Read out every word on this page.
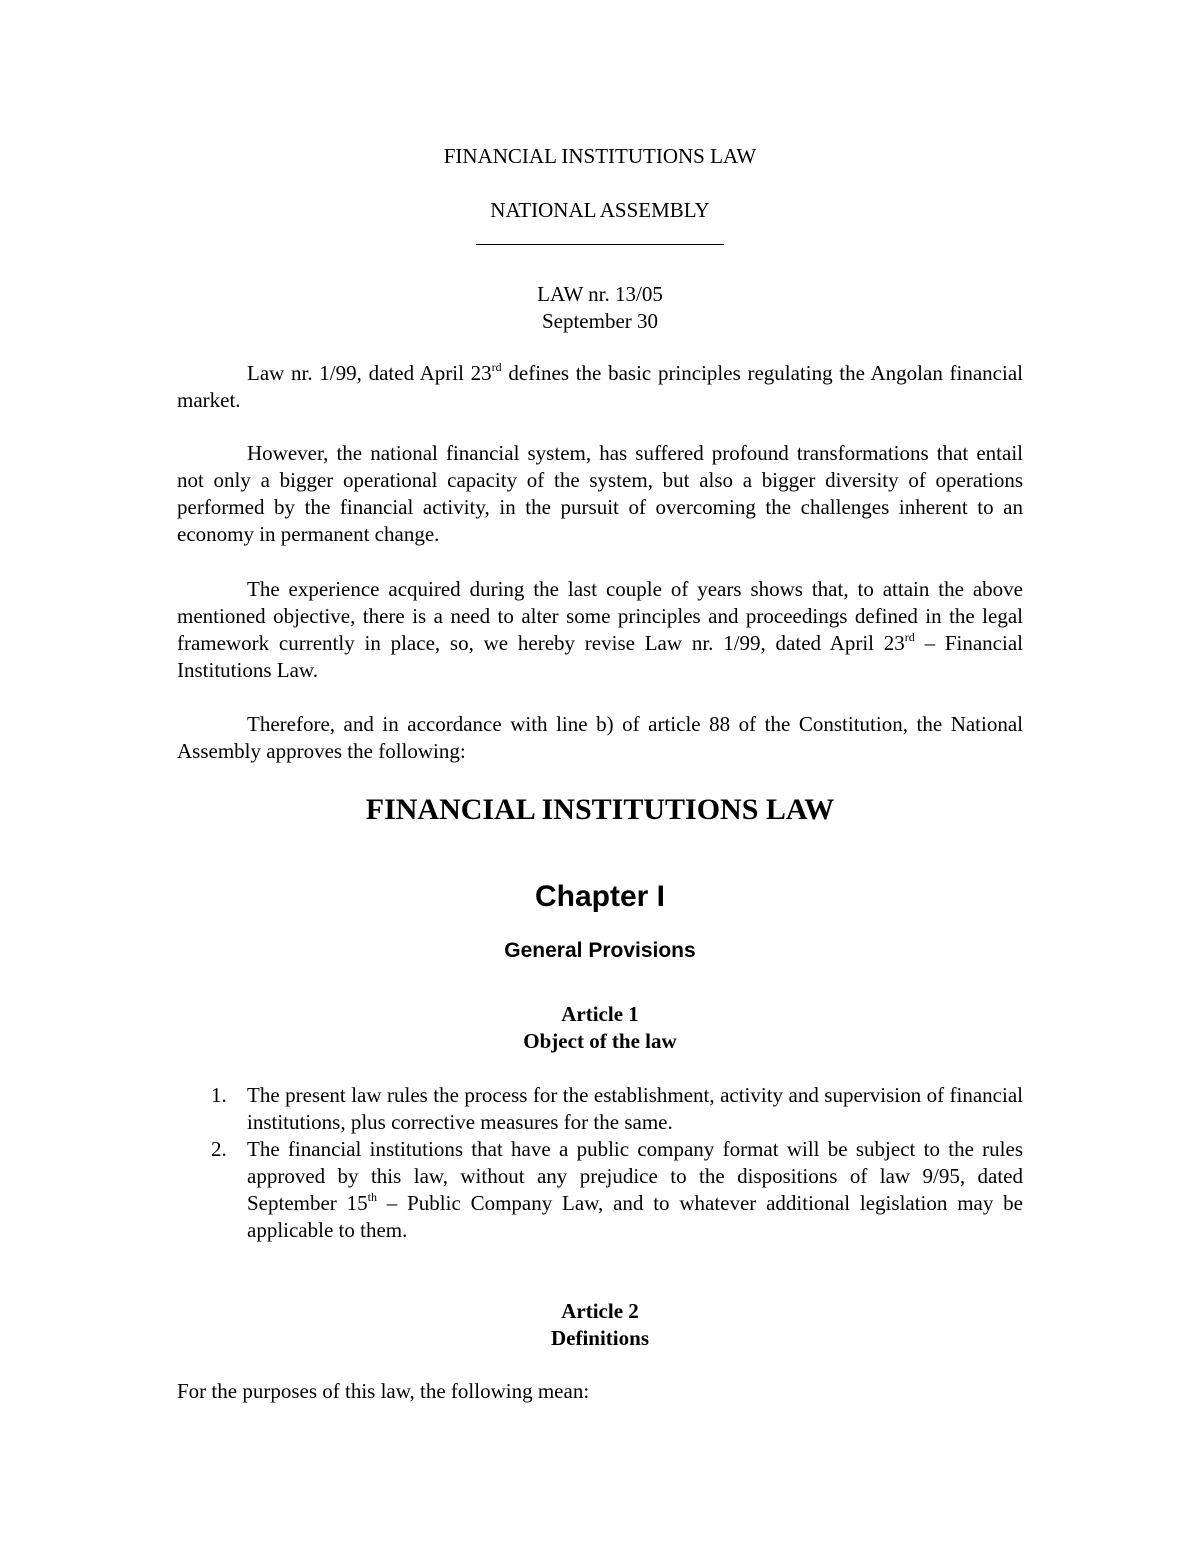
FINANCIAL INSTITUTIONS LAW
NATIONAL ASSEMBLY
LAW nr. 13/05
September 30
Law nr. 1/99, dated April 23rd defines the basic principles regulating the Angolan financial market.
However, the national financial system, has suffered profound transformations that entail not only a bigger operational capacity of the system, but also a bigger diversity of operations performed by the financial activity, in the pursuit of overcoming the challenges inherent to an economy in permanent change.
The experience acquired during the last couple of years shows that, to attain the above mentioned objective, there is a need to alter some principles and proceedings defined in the legal framework currently in place, so, we hereby revise Law nr. 1/99, dated April 23rd – Financial Institutions Law.
Therefore, and in accordance with line b) of article 88 of the Constitution, the National Assembly approves the following:
FINANCIAL INSTITUTIONS LAW
Chapter I
General Provisions
Article 1
Object of the law
1. The present law rules the process for the establishment, activity and supervision of financial institutions, plus corrective measures for the same.
2. The financial institutions that have a public company format will be subject to the rules approved by this law, without any prejudice to the dispositions of law 9/95, dated September 15th – Public Company Law, and to whatever additional legislation may be applicable to them.
Article 2
Definitions
For the purposes of this law, the following mean:
